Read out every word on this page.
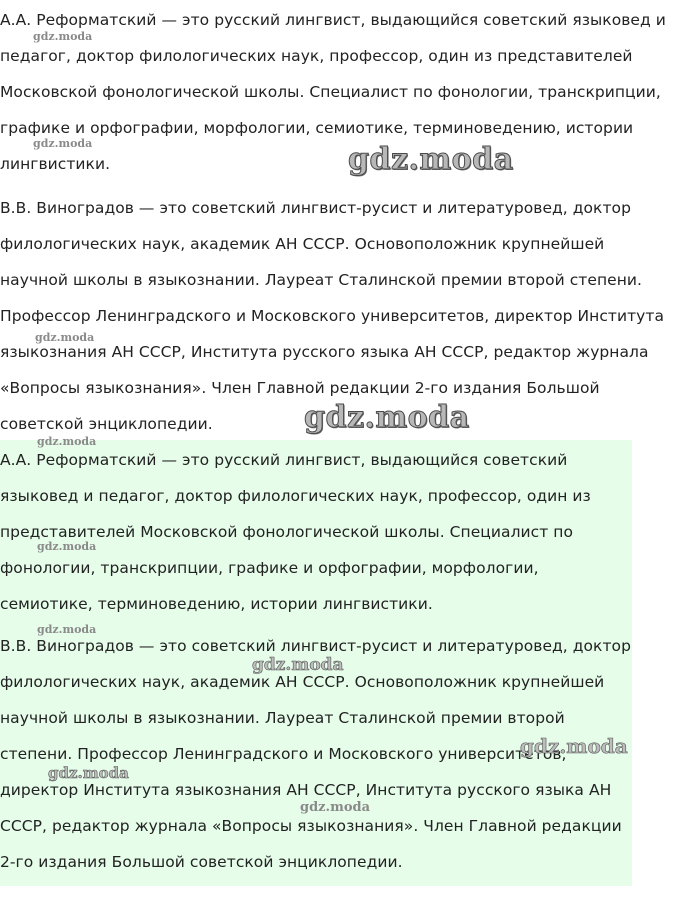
А.А. Реформатский — это русский лингвист, выдающийся советский языковед и педагог, доктор филологических наук, профессор, один из представителей Московской фонологической школы. Специалист по фонологии, транскрипции, графике и орфографии, морфологии, семиотике, терминоведению, истории лингвистики.

В.В. Виноградов — это советский лингвист-русист и литературовед, доктор филологических наук, академик АН СССР. Основоположник крупнейшей научной школы в языкознании. Лауреат Сталинской премии второй степени. Профессор Ленинградского и Московского университетов, директор Института языкознания АН СССР, Института русского языка АН СССР, редактор журнала «Вопросы языкознания». Член Главной редакции 2-го издания Большой советской энциклопедии.

А.А. Реформатский — это русский лингвист, выдающийся советский языковед и педагог, доктор филологических наук, профессор, один из представителей Московской фонологической школы. Специалист по фонологии, транскрипции, графике и орфографии, морфологии, семиотике, терминоведению, истории лингвистики.

В.В. Виноградов — это советский лингвист-русист и литературовед, доктор филологических наук, академик АН СССР. Основоположник крупнейшей научной школы в языкознании. Лауреат Сталинской премии второй степени. Профессор Ленинградского и Московского университетов, директор Института языкознания АН СССР, Института русского языка АН СССР, редактор журнала «Вопросы языкознания». Член Главной редакции 2-го издания Большой советской энциклопедии.

gdz.moda
gdz.moda	gdz.moda
gdz.moda
gdz.moda
gdz.moda
gdz.moda
gdz.moda
gdz.moda
gdz.moda
gdz.moda
gdz.moda
